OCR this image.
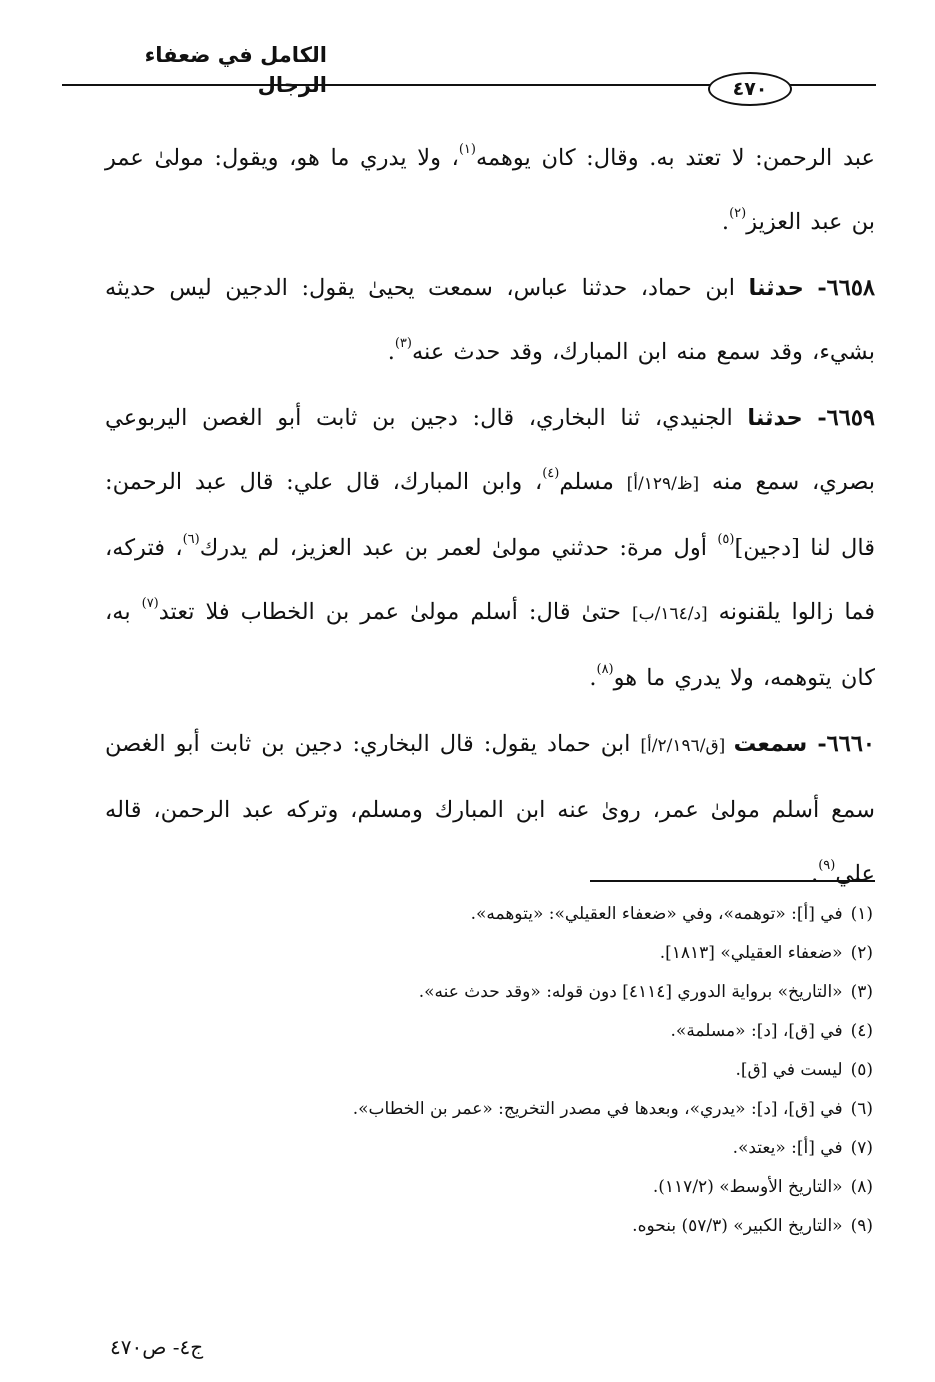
الكامل في ضعفاء الرجال	٤٧٠

عبد الرحمن: لا تعتد به. وقال: كان يوهمه$^{(١)}$، ولا يدري ما هو، ويقول: مولىٰ عمر بن عبد العزيز$^{(٢)}$.

٦٦٥٨- حدثنا ابن حماد، حدثنا عباس، سمعت يحيىٰ يقول: الدجين ليس حديثه بشيء، وقد سمع منه ابن المبارك، وقد حدث عنه$^{(٣)}$.

٦٦٥٩- حدثنا الجنيدي، ثنا البخاري، قال: دجين بن ثابت أبو الغصن اليربوعي بصري، سمع منه [ظ/١٢٩/أ] مسلم$^{(٤)}$، وابن المبارك، قال علي: قال عبد الرحمن: قال لنا [دجين]$^{(٥)}$ أول مرة: حدثني مولىٰ لعمر بن عبد العزيز، لم يدرك$^{(٦)}$، فتركه، فما زالوا يلقنونه [د/١٦٤/ب] حتىٰ قال: أسلم مولىٰ عمر بن الخطاب فلا تعتد$^{(٧)}$ به، كان يتوهمه، ولا يدري ما هو$^{(٨)}$.

٦٦٦٠- سمعت [ق/٢/١٩٦/أ] ابن حماد يقول: قال البخاري: دجين بن ثابت أبو الغصن سمع أسلم مولىٰ عمر، روىٰ عنه ابن المبارك ومسلم، وتركه عبد الرحمن، قاله علي$^{(٩)}$.

(١)في [أ]: «توهمه»، وفي «ضعفاء العقيلي»: «يتوهمه».
(٢)«ضعفاء العقيلي» [١٨١٣].
(٣)«التاريخ» برواية الدوري [٤١١٤] دون قوله: «وقد حدث عنه».
(٤)في [ق]، [د]: «مسلمة».
(٥)ليست في [ق].
(٦)في [ق]، [د]: «يدري»، وبعدها في مصدر التخريج: «عمر بن الخطاب».
(٧)في [أ]: «يعتد».
(٨)«التاريخ الأوسط» (١١٧/٢).
(٩)«التاريخ الكبير» (٥٧/٣) بنحوه.
ج٤- ص٤٧٠
